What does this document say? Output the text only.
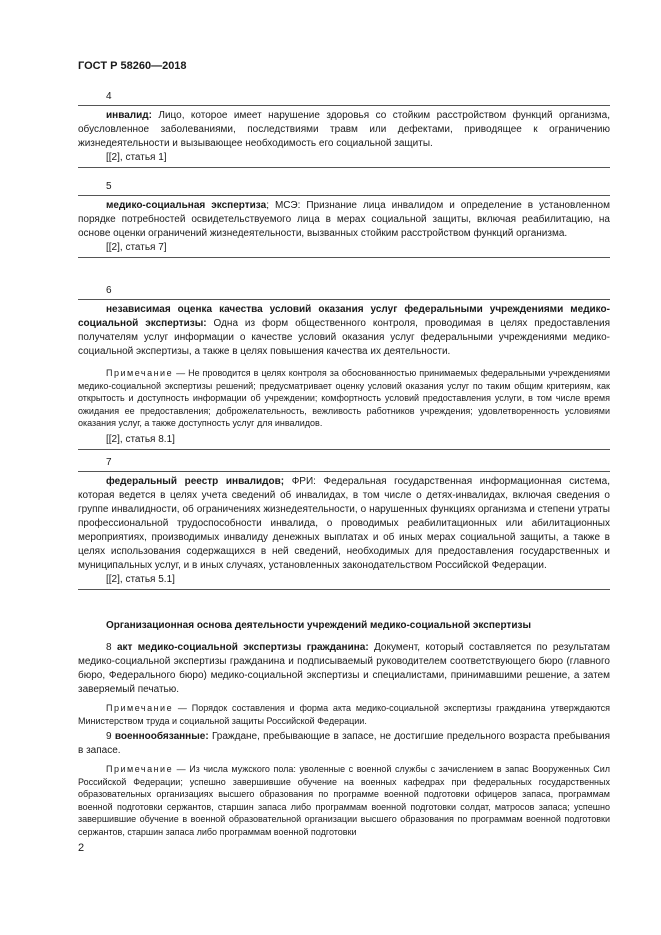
ГОСТ Р 58260—2018
4

инвалид: Лицо, которое имеет нарушение здоровья со стойким расстройством функций организма, обусловленное заболеваниями, последствиями травм или дефектами, приводящее к ограничению жизнедеятельности и вызывающее необходимость его социальной защиты.

[[2], статья 1]
5

медико-социальная экспертиза; МСЭ: Признание лица инвалидом и определение в установленном порядке потребностей освидетельствуемого лица в мерах социальной защиты, включая реабилитацию, на основе оценки ограничений жизнедеятельности, вызванных стойким расстройством функций организма.

[[2], статья 7]
6

независимая оценка качества условий оказания услуг федеральными учреждениями медико-социальной экспертизы: Одна из форм общественного контроля, проводимая в целях предоставления получателям услуг информации о качестве условий оказания услуг федеральными учреждениями медико-социальной экспертизы, а также в целях повышения качества их деятельности.

Примечание — Не проводится в целях контроля за обоснованностью принимаемых федеральными учреждениями медико-социальной экспертизы решений; предусматривает оценку условий оказания услуг по таким общим критериям, как открытость и доступность информации об учреждении; комфортность условий предоставления услуги, в том числе время ожидания ее предоставления; доброжелательность, вежливость работников учреждения; удовлетворенность условиями оказания услуг, а также доступность услуг для инвалидов.

[[2], статья 8.1]
7

федеральный реестр инвалидов; ФРИ: Федеральная государственная информационная система, которая ведется в целях учета сведений об инвалидах, в том числе о детях-инвалидах, включая сведения о группе инвалидности, об ограничениях жизнедеятельности, о нарушенных функциях организма и степени утраты профессиональной трудоспособности инвалида, о проводимых реабилитационных или абилитационных мероприятиях, производимых инвалиду денежных выплатах и об иных мерах социальной защиты, а также в целях использования содержащихся в ней сведений, необходимых для предоставления государственных и муниципальных услуг, и в иных случаях, установленных законодательством Российской Федерации.

[[2], статья 5.1]
Организационная основа деятельности учреждений медико-социальной экспертизы

8 акт медико-социальной экспертизы гражданина: Документ, который составляется по результатам медико-социальной экспертизы гражданина и подписываемый руководителем соответствующего бюро (главного бюро, Федерального бюро) медико-социальной экспертизы и специалистами, принимавшими решение, а затем заверяемый печатью.

Примечание — Порядок составления и форма акта медико-социальной экспертизы гражданина утверждаются Министерством труда и социальной защиты Российской Федерации.

9 военнообязанные: Граждане, пребывающие в запасе, не достигшие предельного возраста пребывания в запасе.

Примечание — Из числа мужского пола: уволенные с военной службы с зачислением в запас Вооруженных Сил Российской Федерации; успешно завершившие обучение на военных кафедрах при федеральных государственных образовательных организациях высшего образования по программе военной подготовки офицеров запаса, программам военной подготовки сержантов, старшин запаса либо программам военной подготовки солдат, матросов запаса; успешно завершившие обучение в военной образовательной организации высшего образования по программам военной подготовки сержантов, старшин запаса либо программам военной подготовки

2
